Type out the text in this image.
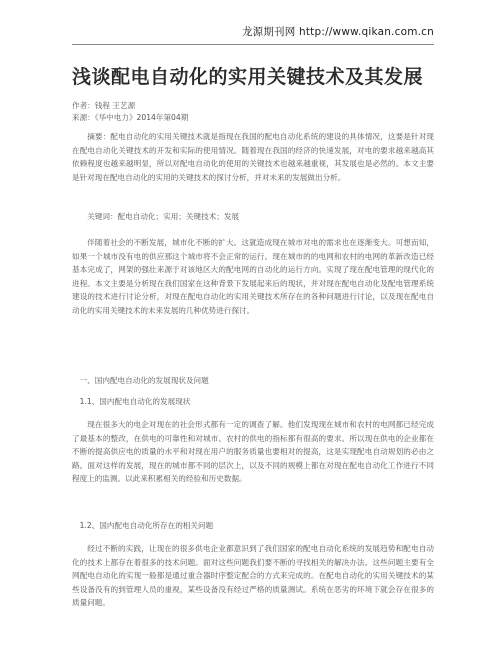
龙源期刊网 http://www.qikan.com.cn
浅谈配电自动化的实用关键技术及其发展
作者：钱程 王艺源
来源：《华中电力》2014年第04期

摘要：配电自动化的实用关键技术就是指现在我国的配电自动化系统的建设的具体情况，这要是针对现在配电自动化关键技术的开发和实际的使用情况。随着现在我国的经济的快速发展，对电的要求越来越高其依赖程度也越来越明显，所以对配电自动化的使用的关键技术也越来越重视，其发展也是必然的。本文主要是针对现在配电自动化的实用的关键技术的探讨分析，并对未来的发展做出分析。

关键词：配电自动化；实用；关键技术；发展

伴随着社会的不断发展，城市化不断的扩大。这就造成现在城市对电的需求也在逐渐变大。可想而知，如果一个城市没有电的供应那这个城市将不会正常的运行。现在城市的的电网和农村的电网的革新改造已经基本完成了，网架的强壮来源于对该地区大的配电网的自动化的运行方向。实现了现在配电管理的现代化的进程。本文主要是分析现在我们国家在这种背景下发展起来后的现状，并对现在配电自动化及配电管理系统建设的技术进行讨论分析，对现在配电自动化的实用关键技术所存在的各种问题进行讨论，以及现在配电自动化的实用关键技术的未来发展的几种优势进行探讨。

一、国内配电自动化的发展现状及问题

1.1、国内配电自动化的发展现状

现在很多大的电企对现在的社会形式都有一定的调查了解。他们发现现在城市和农村的电网都已经完成了最基本的整改，在供电的可靠性和对城市、农村的供电的指标都有很高的要求。所以现在供电的企业都在不断的提高供应电的质量的水平和对现在用户的服务质量也要相对的提高，这是实现配电自动规划的必由之路。面对这样的发展，现在的城市都不同的层次上，以及不同的规模上都在对现在配电自动化工作进行不同程度上的监测。以此来积累相关的经验和历史数据。

1.2、国内配电自动化所存在的相关问题

经过不断的实践，让现在的很多供电企业都意识到了我们国家的配电自动化系统的发展趋势和配电自动化的技术上都存在着很多的技术问题。面对这些问题我们要不断的寻找相关的解决办法。这些问题主要有全网配电自动化的实现一般都是通过重合器时序整定配合的方式来完成的。在配电自动化的实用关键技术的某些设备没有的到管理人员的重视，某些设备没有经过严格的质量测试。系统在恶劣的环境下就会存在很多的质量问题。
